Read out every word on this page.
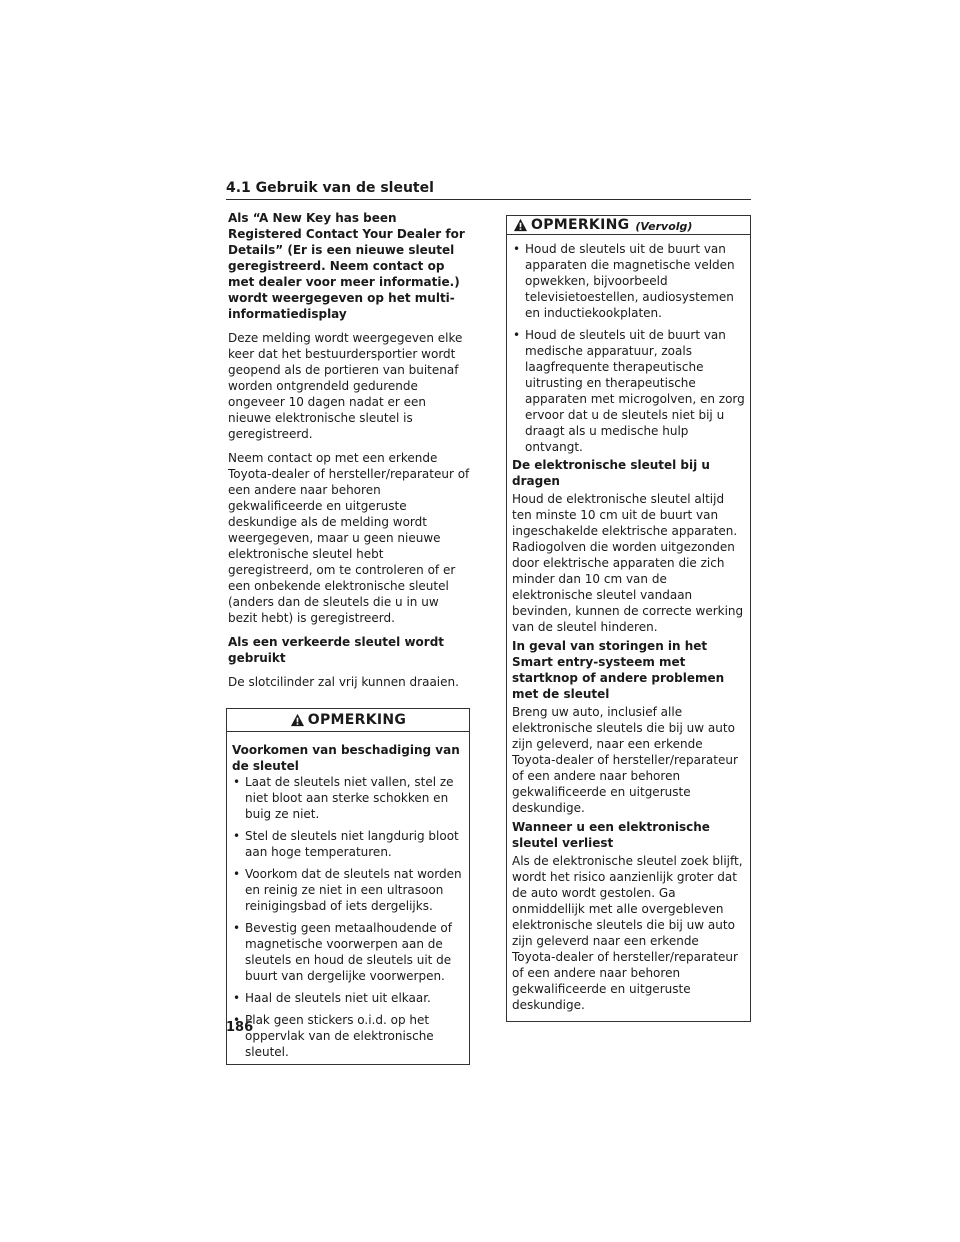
4.1 Gebruik van de sleutel
Als “A New Key has been Registered Contact Your Dealer for Details” (Er is een nieuwe sleutel geregistreerd. Neem contact op met dealer voor meer informatie.) wordt weergegeven op het multi-informatiedisplay
Deze melding wordt weergegeven elke keer dat het bestuurdersportier wordt geopend als de portieren van buitenaf worden ontgrendeld gedurende ongeveer 10 dagen nadat er een nieuwe elektronische sleutel is geregistreerd.
Neem contact op met een erkende Toyota-dealer of hersteller/reparateur of een andere naar behoren gekwalificeerde en uitgeruste deskundige als de melding wordt weergegeven, maar u geen nieuwe elektronische sleutel hebt geregistreerd, om te controleren of er een onbekende elektronische sleutel (anders dan de sleutels die u in uw bezit hebt) is geregistreerd.
Als een verkeerde sleutel wordt gebruikt
De slotcilinder zal vrij kunnen draaien.
OPMERKING
Voorkomen van beschadiging van de sleutel
• Laat de sleutels niet vallen, stel ze niet bloot aan sterke schokken en buig ze niet.
• Stel de sleutels niet langdurig bloot aan hoge temperaturen.
• Voorkom dat de sleutels nat worden en reinig ze niet in een ultrasoon reinigingsbad of iets dergelijks.
• Bevestig geen metaalhoudende of magnetische voorwerpen aan de sleutels en houd de sleutels uit de buurt van dergelijke voorwerpen.
• Haal de sleutels niet uit elkaar.
• Plak geen stickers o.i.d. op het oppervlak van de elektronische sleutel.
OPMERKING (Vervolg)
• Houd de sleutels uit de buurt van apparaten die magnetische velden opwekken, bijvoorbeeld televisietoestellen, audiosystemen en inductiekookplaten.
• Houd de sleutels uit de buurt van medische apparatuur, zoals laagfrequente therapeutische uitrusting en therapeutische apparaten met microgolven, en zorg ervoor dat u de sleutels niet bij u draagt als u medische hulp ontvangt.
De elektronische sleutel bij u dragen
Houd de elektronische sleutel altijd ten minste 10 cm uit de buurt van ingeschakelde elektrische apparaten. Radiogolven die worden uitgezonden door elektrische apparaten die zich minder dan 10 cm van de elektronische sleutel vandaan bevinden, kunnen de correcte werking van de sleutel hinderen.
In geval van storingen in het Smart entry-systeem met startknop of andere problemen met de sleutel
Breng uw auto, inclusief alle elektronische sleutels die bij uw auto zijn geleverd, naar een erkende Toyota-dealer of hersteller/reparateur of een andere naar behoren gekwalificeerde en uitgeruste deskundige.
Wanneer u een elektronische sleutel verliest
Als de elektronische sleutel zoek blijft, wordt het risico aanzienlijk groter dat de auto wordt gestolen. Ga onmiddellijk met alle overgebleven elektronische sleutels die bij uw auto zijn geleverd naar een erkende Toyota-dealer of hersteller/reparateur of een andere naar behoren gekwalificeerde en uitgeruste deskundige.
186
